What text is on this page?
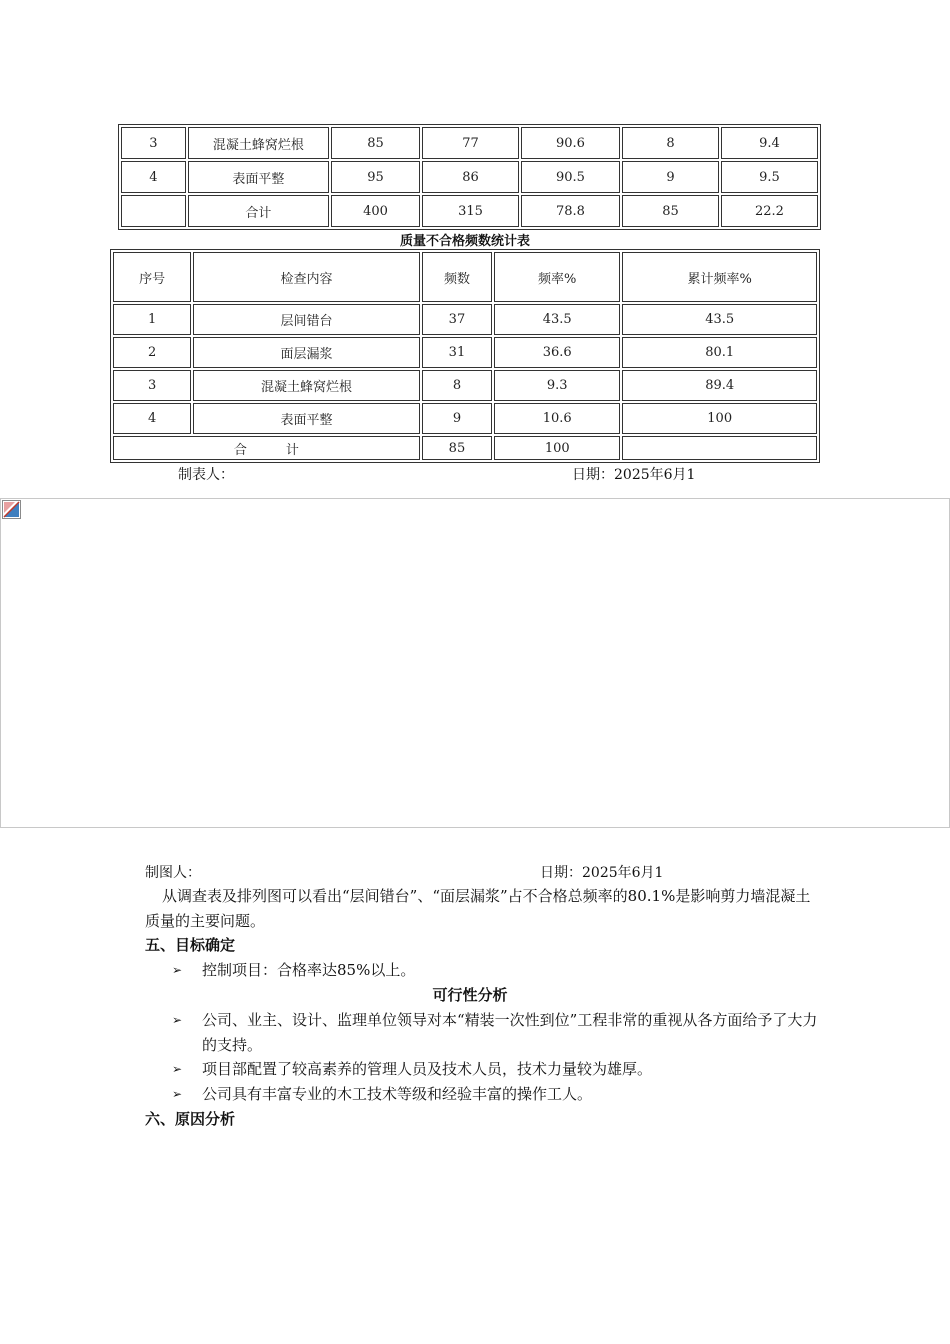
3	混凝土蜂窝烂根	85	77	90.6	8	9.4
4	表面平整	95	86	90.5	9	9.5
	合计	400	315	78.8	85	22.2
质量不合格频数统计表
序号	检查内容	频数	频率%	累计频率%
1	层间错台	37	43.5	43.5
2	面层漏浆	31	36.6	80.1
3	混凝土蜂窝烂根	8	9.3	89.4
4	表面平整	9	10.6	100
合　　　计		85	100	
制表人：	日期：2025年6月1
制图人：	日期：2025年6月1
从调查表及排列图可以看出“层间错台”、“面层漏浆”占不合格总频率的80.1%是影响剪力墙混凝土质量的主要问题。
五、目标确定
➢ 控制项目：合格率达85%以上。
可行性分析
➢ 公司、业主、设计、监理单位领导对本“精装一次性到位”工程非常的重视从各方面给予了大力的支持。
➢ 项目部配置了较高素养的管理人员及技术人员，技术力量较为雄厚。
➢ 公司具有丰富专业的木工技术等级和经验丰富的操作工人。
六、原因分析
